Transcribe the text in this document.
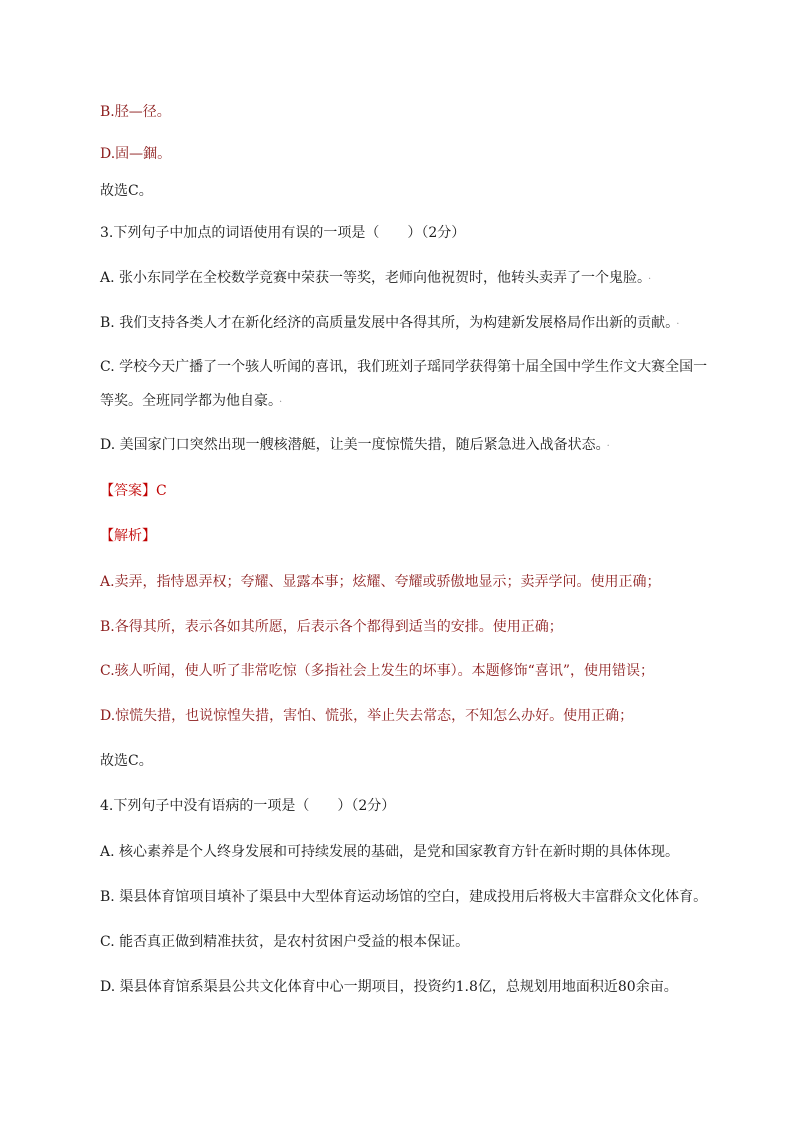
B.胫—径。
D.固—錮。
故选C。
3.下列句子中加点的词语使用有误的一项是（　　）（2分）
A. 张小东同学在全校数学竞赛中荣获一等奖，老师向他祝贺时，他转头卖弄了一个鬼脸。 ·
B. 我们支持各类人才在新化经济的高质量发展中各得其所，为构建新发展格局作出新的贡献。 ·
C. 学校今天广播了一个骇人听闻的喜讯，我们班刘子瑶同学获得第十届全国中学生作文大赛全国一等奖。全班同学都为他自豪。 ·
D. 美国家门口突然出现一艘核潜艇，让美一度惊慌失措，随后紧急进入战备状态。 ·
【答案】C
【解析】
A.卖弄，指恃恩弄权；夸耀、显露本事；炫耀、夸耀或骄傲地显示；卖弄学问。使用正确；
B.各得其所，表示各如其所愿，后表示各个都得到适当的安排。使用正确；
C.骇人听闻，使人听了非常吃惊（多指社会上发生的坏事）。本题修饰“喜讯”，使用错误；
D.惊慌失措，也说惊惶失措，害怕、慌张，举止失去常态，不知怎么办好。使用正确；
故选C。
4.下列句子中没有语病的一项是（　　）（2分）
A. 核心素养是个人终身发展和可持续发展的基础，是党和国家教育方针在新时期的具体体现。
B. 渠县体育馆项目填补了渠县中大型体育运动场馆的空白，建成投用后将极大丰富群众文化体育。
C. 能否真正做到精准扶贫，是农村贫困户受益的根本保证。
D. 渠县体育馆系渠县公共文化体育中心一期项目，投资约1.8亿，总规划用地面积近80余亩。
